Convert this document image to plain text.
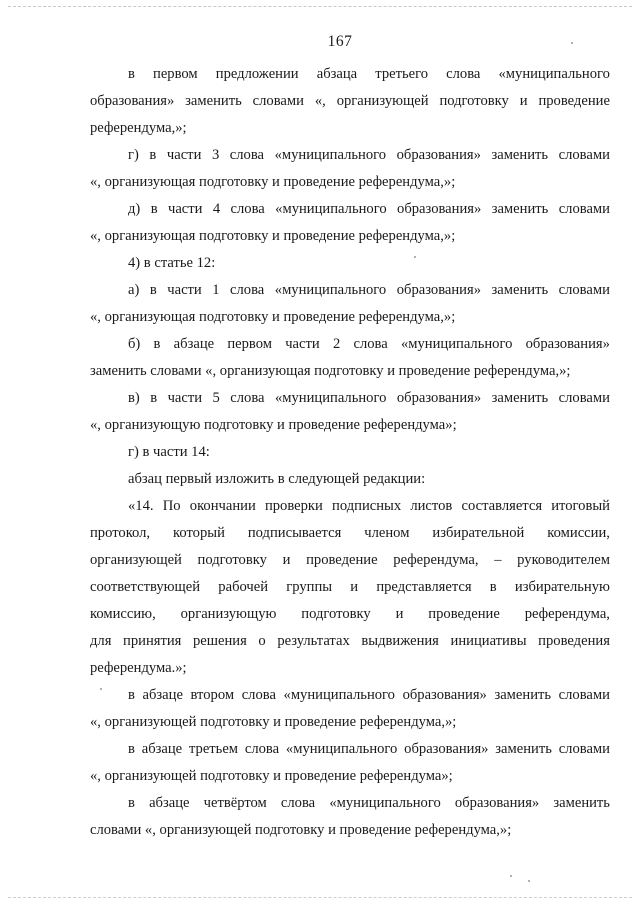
167
в первом предложении абзаца третьего слова «муниципального
образования» заменить словами «, организующей подготовку и проведение
референдума,»;
г) в части 3 слова «муниципального образования» заменить словами
«, организующая подготовку и проведение референдума,»;
д) в части 4 слова «муниципального образования» заменить словами
«, организующая подготовку и проведение референдума,»;
4) в статье 12:
а) в части 1 слова «муниципального образования» заменить словами
«, организующая подготовку и проведение референдума,»;
б) в абзаце первом части 2 слова «муниципального образования»
заменить словами «, организующая подготовку и проведение референдума,»;
в) в части 5 слова «муниципального образования» заменить словами
«, организующую подготовку и проведение референдума»;
г) в части 14:
абзац первый изложить в следующей редакции:
«14. По окончании проверки подписных листов составляется итоговый
протокол, который подписывается членом избирательной комиссии,
организующей подготовку и проведение референдума, – руководителем
соответствующей рабочей группы и представляется в избирательную
комиссию, организующую подготовку и проведение референдума,
для принятия решения о результатах выдвижения инициативы проведения
референдума.»;
в абзаце втором слова «муниципального образования» заменить словами
«, организующей подготовку и проведение референдума,»;
в абзаце третьем слова «муниципального образования» заменить словами
«, организующей подготовку и проведение референдума»;
в абзаце четвёртом слова «муниципального образования» заменить
словами «, организующей подготовку и проведение референдума,»;
